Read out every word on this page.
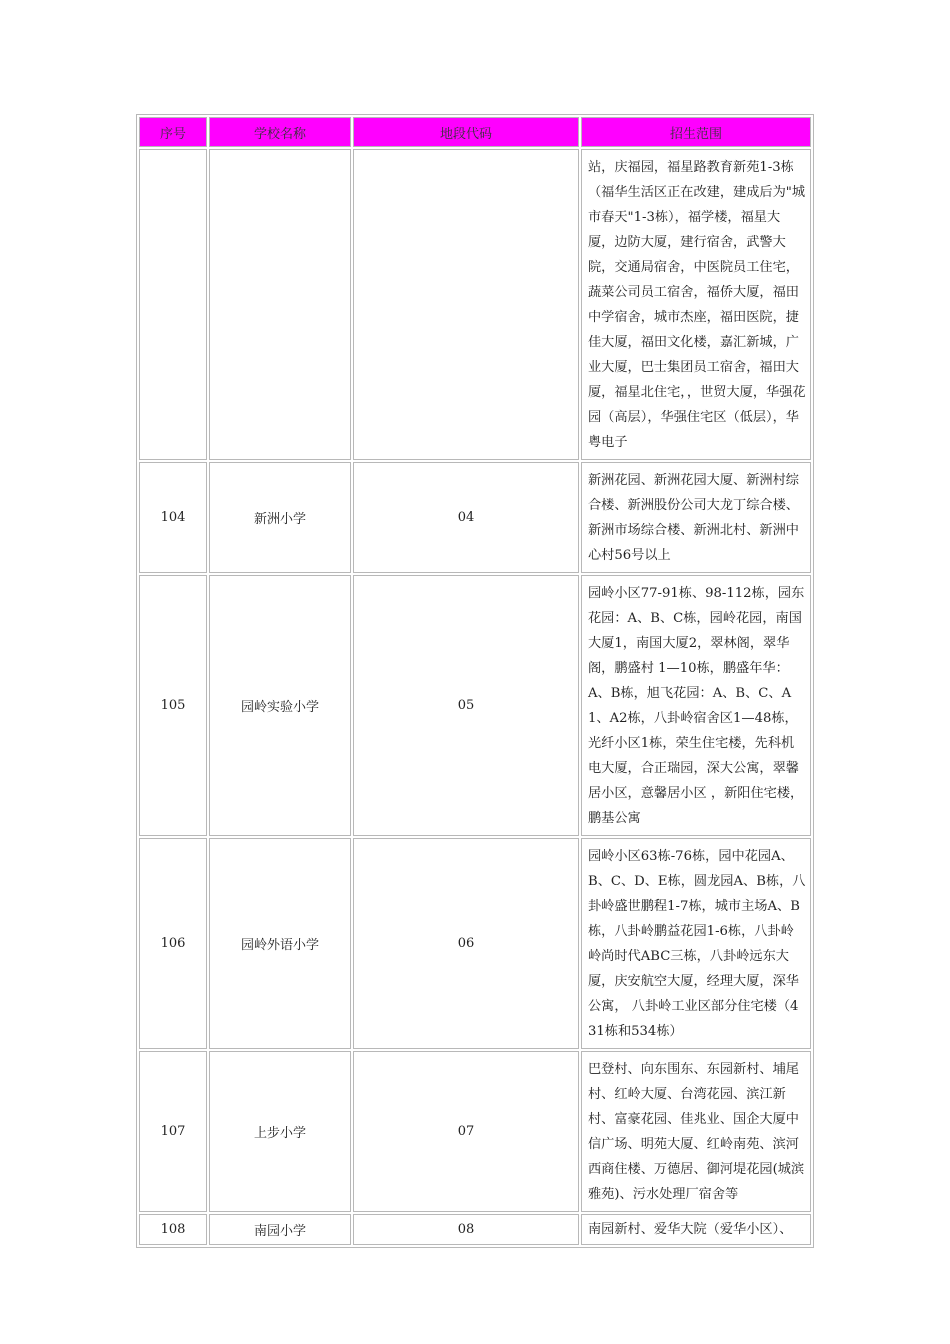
序号	学校名称	地段代码	招生范围
			站，庆福园，福星路教育新苑1-3栋 （福华生活区正在改建，建成后为"城市春天"1-3栋），福学楼，福星大厦，边防大厦，建行宿舍，武警大院，交通局宿舍，中医院员工住宅，蔬菜公司员工宿舍，福侨大厦，福田中学宿舍，城市杰座，福田医院，捷佳大厦，福田文化楼，嘉汇新城，广业大厦，巴士集团员工宿舍，福田大厦，福星北住宅，，世贸大厦，华强花园（高层），华强住宅区（低层），华粤电子
104	新洲小学	04	新洲花园、新洲花园大厦、新洲村综合楼、新洲股份公司大龙丁综合楼、新洲市场综合楼、新洲北村、新洲中心村56号以上
105	园岭实验小学	05	园岭小区77-91栋、98-112栋，园东花园：A、B、C栋，园岭花园，南国大厦1，南国大厦2，翠林阁，翠华阁，鹏盛村 1—10栋，鹏盛年华：A、B栋，旭飞花园：A、B、C、A1、A2栋，八卦岭宿舍区1—48栋，光纤小区1栋，荣生住宅楼，先科机电大厦，合正瑞园，深大公寓，翠馨居小区，意馨居小区 ，新阳住宅楼，鹏基公寓
106	园岭外语小学	06	园岭小区63栋-76栋，园中花园A、B、C、D、E栋，圆龙园A、B栋，八卦岭盛世鹏程1-7栋，城市主场A、B栋，八卦岭鹏益花园1-6栋，八卦岭岭尚时代ABC三栋，八卦岭远东大厦，庆安航空大厦，经理大厦，深华公寓， 八卦岭工业区部分住宅楼（431栋和534栋）
107	上步小学	07	巴登村、向东围东、东园新村、埔尾村、红岭大厦、台湾花园、滨江新村、富豪花园、佳兆业、国企大厦中信广场、明苑大厦、红岭南苑、滨河西商住楼、万德居、御河堤花园(城滨雅苑)、污水处理厂宿舍等
108	南园小学	08	南园新村、爱华大院（爱华小区）、
